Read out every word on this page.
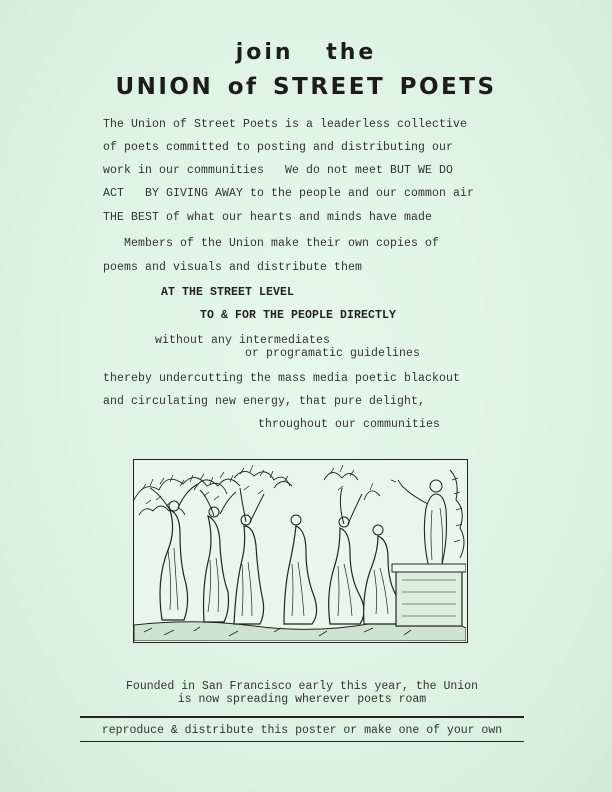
join the
UNION of STREET POETS
The Union of Street Poets is a leaderless collective
of poets committed to posting and distributing our
work in our communities   We do not meet BUT WE DO
ACT   BY GIVING AWAY to the people and our common air
THE BEST of what our hearts and minds have made
Members of the Union make their own copies of
poems and visuals and distribute them
AT THE STREET LEVEL
TO & FOR THE PEOPLE DIRECTLY
without any intermediates
or programatic guidelines
thereby undercutting the mass media poetic blackout
and circulating new energy, that pure delight,
throughout our communities
Founded in San Francisco early this year, the Union
is now spreading wherever poets roam
reproduce & distribute this poster or make one of your own
